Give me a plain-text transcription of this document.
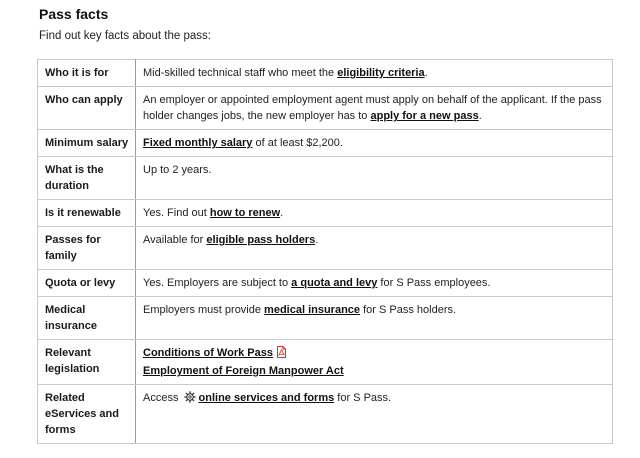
Pass facts

Find out key facts about the pass:

Who it is for	Mid-skilled technical staff who meet the eligibility criteria.
Who can apply	An employer or appointed employment agent must apply on behalf of the applicant. If the pass holder changes jobs, the new employer has to apply for a new pass.
Minimum salary	Fixed monthly salary of at least $2,200.
What is the duration	Up to 2 years.
Is it renewable	Yes. Find out how to renew.
Passes for family	Available for eligible pass holders.
Quota or levy	Yes. Employers are subject to a quota and levy for S Pass employees.
Medical insurance	Employers must provide medical insurance for S Pass holders.
Relevant legislation	Conditions of Work Pass
Employment of Foreign Manpower Act

Related eServices and forms	Access online services and forms for S Pass.
